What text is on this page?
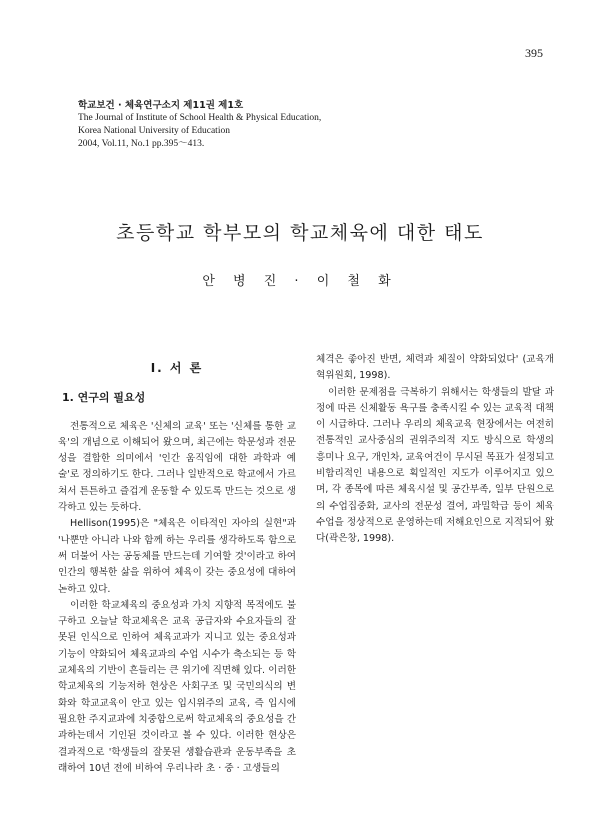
395
학교보건 · 체육연구소지 제11권 제1호
The Journal of Institute of School Health & Physical Education,
Korea National University of Education
2004, Vol.11, No.1 pp.395～413.
초등학교 학부모의 학교체육에 대한 태도
안 병 진 · 이 철 화
Ⅰ. 서 론
1. 연구의 필요성

전통적으로 체육은 '신체의 교육' 또는 '신체를 통한 교육'의 개념으로 이해되어 왔으며, 최근에는 학문성과 전문성을 결합한 의미에서 '인간 움직임에 대한 과학과 예술'로 정의하기도 한다. 그러나 일반적으로 학교에서 가르쳐서 튼튼하고 즐겁게 운동할 수 있도록 만드는 것으로 생각하고 있는 듯하다.

Hellison(1995)은 "체육은 이타적인 자아의 실현"과 '나뿐만 아니라 나와 함께 하는 우리를 생각하도록 함으로써 더불어 사는 공동체를 만드는데 기여할 것'이라고 하여 인간의 행복한 삶을 위하여 체육이 갖는 중요성에 대하여 논하고 있다.

이러한 학교체육의 중요성과 가치 지향적 목적에도 불구하고 오늘날 학교체육은 교육 공급자와 수요자들의 잘못된 인식으로 인하여 체육교과가 지니고 있는 중요성과 기능이 약화되어 체육교과의 수업 시수가 축소되는 등 학교체육의 기반이 흔들리는 큰 위기에 직면해 있다. 이러한 학교체육의 기능저하 현상은 사회구조 및 국민의식의 변화와 학교교육이 안고 있는 입시위주의 교육, 즉 입시에 필요한 주지교과에 치중함으로써 학교체육의 중요성을 간과하는데서 기인된 것이라고 볼 수 있다. 이러한 현상은 결과적으로 '학생들의 잘못된 생활습관과 운동부족을 초래하여 10년 전에 비하여 우리나라 초 · 중 · 고생들의

체격은 좋아진 반면, 체력과 체질이 약화되었다' (교육개혁위원회, 1998).

이러한 문제점을 극복하기 위해서는 학생들의 발달 과정에 따른 신체활동 욕구를 충족시킬 수 있는 교육적 대책이 시급하다. 그러나 우리의 체육교육 현장에서는 여전히 전통적인 교사중심의 권위주의적 지도 방식으로 학생의 흥미나 요구, 개인차, 교육여건이 무시된 목표가 설정되고 비합리적인 내용으로 획일적인 지도가 이루어지고 있으며, 각 종목에 따른 체육시설 및 공간부족, 일부 단원으로의 수업집중화, 교사의 전문성 결여, 과밀학급 등이 체육수업을 정상적으로 운영하는데 저해요인으로 지적되어 왔다(곽은창, 1998).
